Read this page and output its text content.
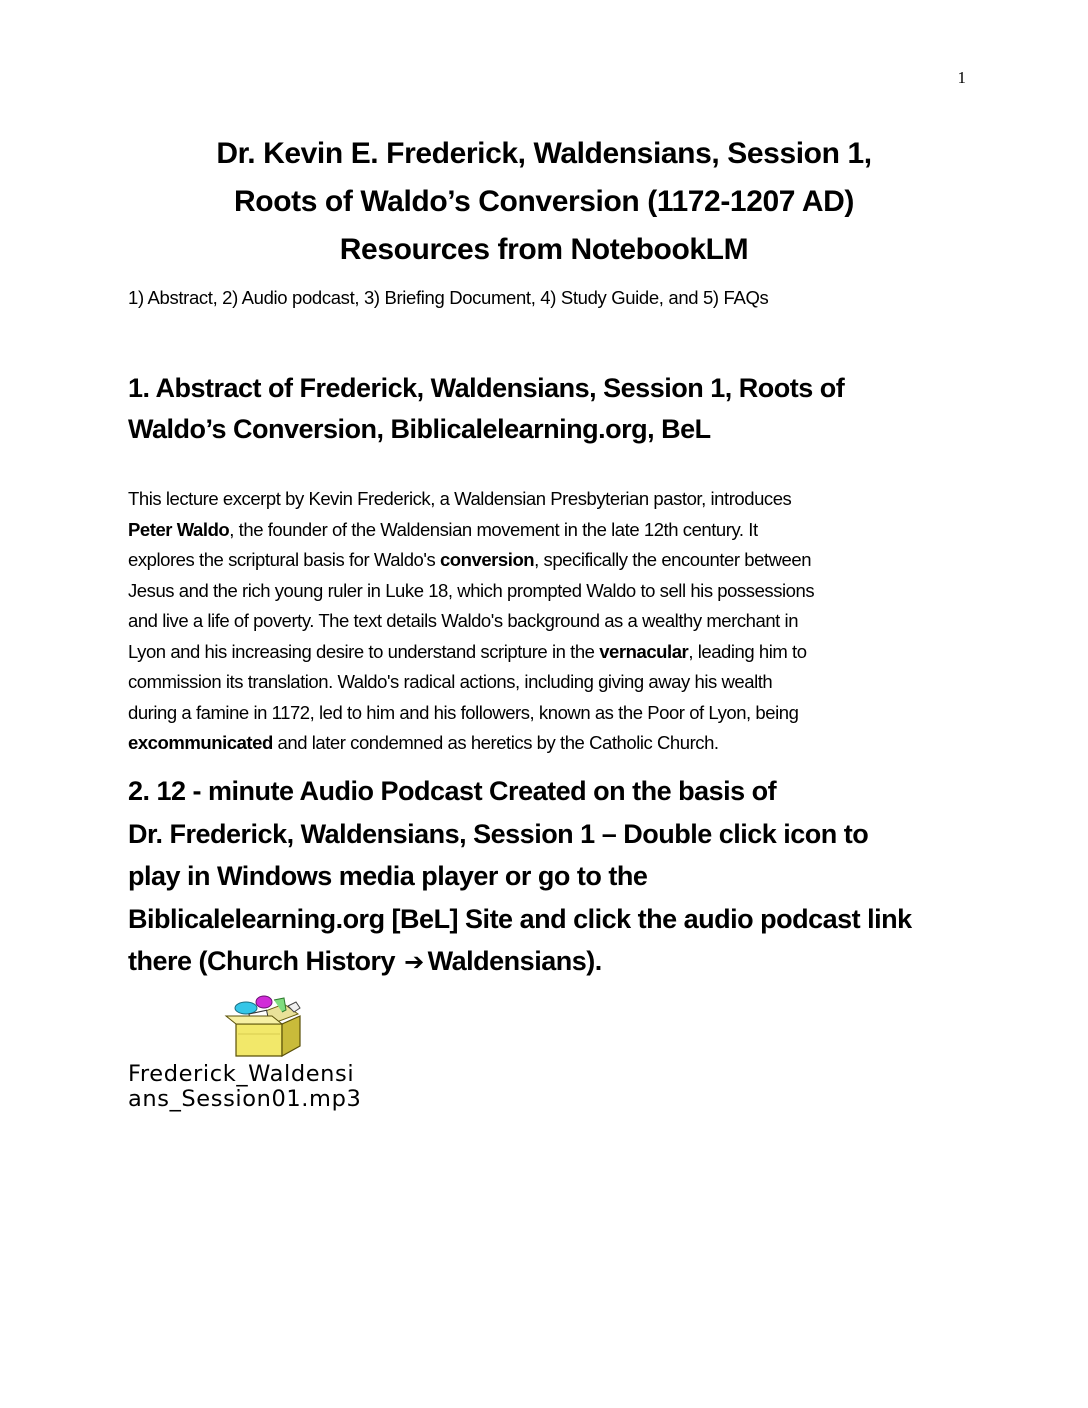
1
Dr. Kevin E. Frederick, Waldensians, Session 1,
Roots of Waldo’s Conversion (1172-1207 AD)
Resources from NotebookLM
1) Abstract, 2) Audio podcast, 3) Briefing Document, 4) Study Guide, and 5) FAQs
1. Abstract of Frederick, Waldensians, Session 1, Roots of
Waldo’s Conversion, Biblicalelearning.org, BeL
This lecture excerpt by Kevin Frederick, a Waldensian Presbyterian pastor, introduces
Peter Waldo, the founder of the Waldensian movement in the late 12th century. It
explores the scriptural basis for Waldo's conversion, specifically the encounter between
Jesus and the rich young ruler in Luke 18, which prompted Waldo to sell his possessions
and live a life of poverty. The text details Waldo's background as a wealthy merchant in
Lyon and his increasing desire to understand scripture in the vernacular, leading him to
commission its translation. Waldo's radical actions, including giving away his wealth
during a famine in 1172, led to him and his followers, known as the Poor of Lyon, being
excommunicated and later condemned as heretics by the Catholic Church.
2. 12 - minute Audio Podcast Created on the basis of
Dr. Frederick, Waldensians, Session 1 – Double click icon to
play in Windows media player or go to the
Biblicalelearning.org [BeL] Site and click the audio podcast link
there (Church History ➔ Waldensians).
Frederick_Waldensi
ans_Session01.mp3
